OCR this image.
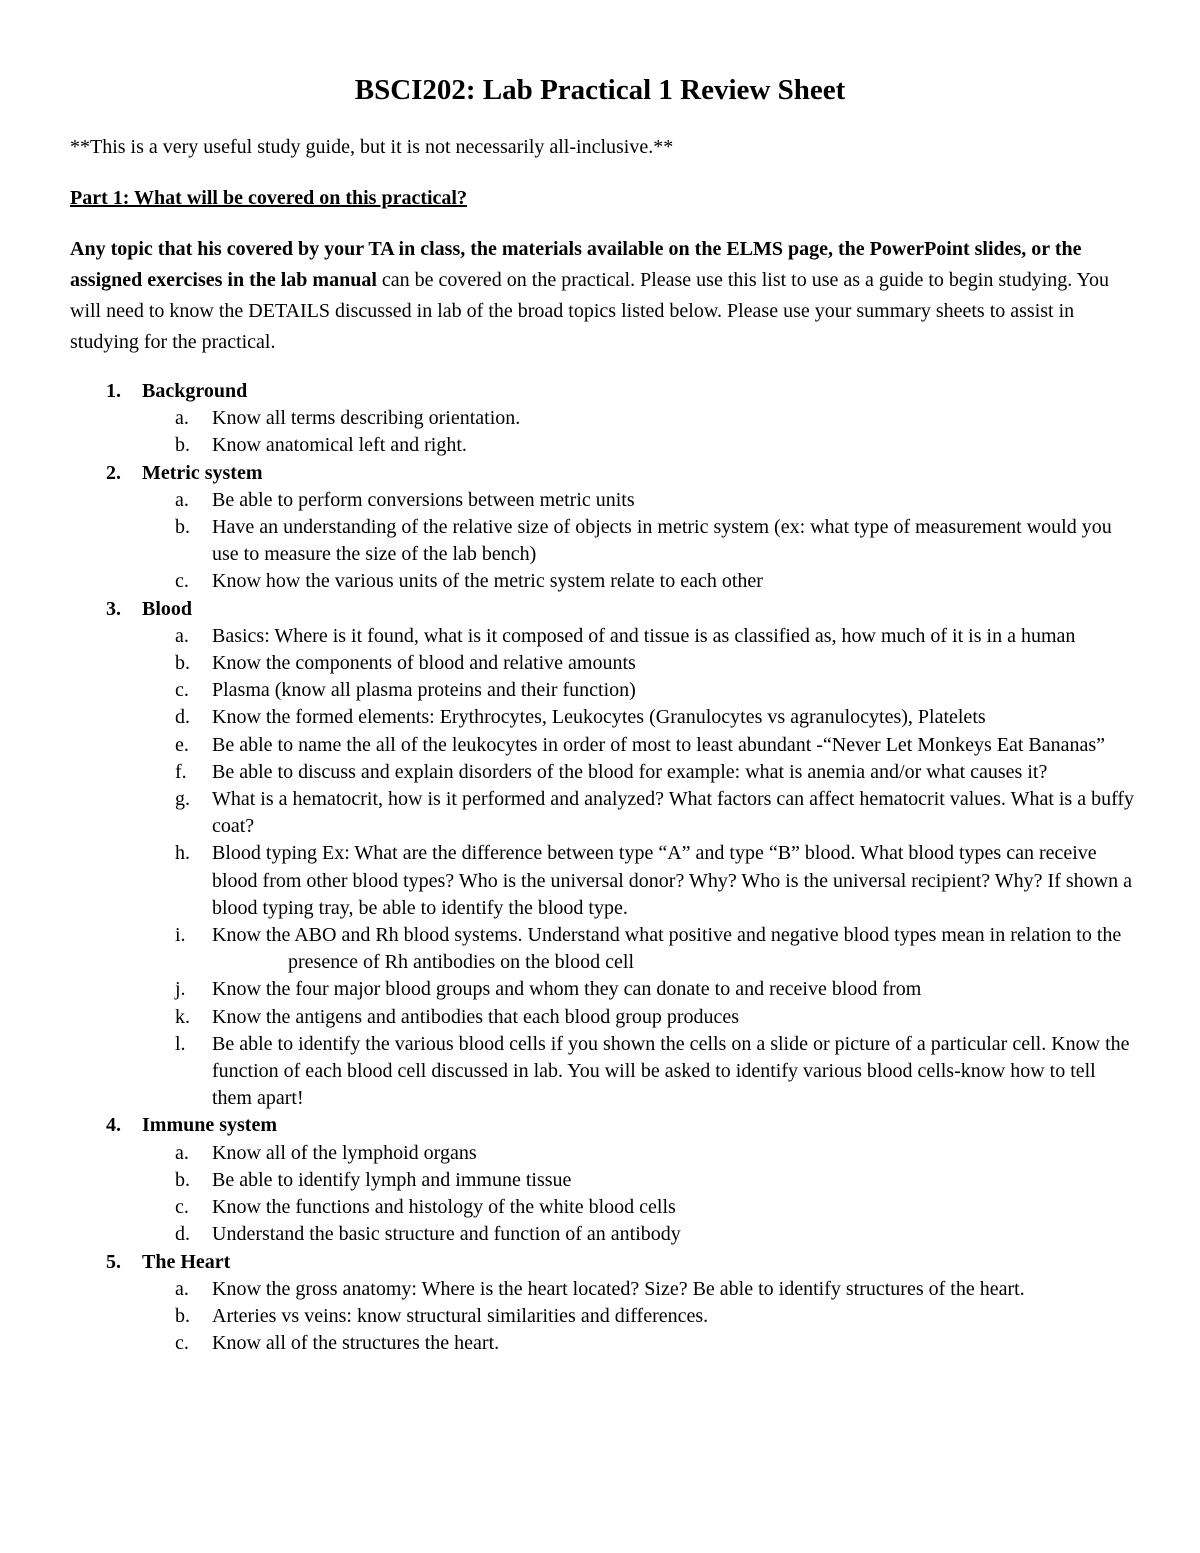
BSCI202: Lab Practical 1 Review Sheet

**This is a very useful study guide, but it is not necessarily all-inclusive.**

Part 1: What will be covered on this practical?

Any topic that his covered by your TA in class, the materials available on the ELMS page, the PowerPoint slides, or the assigned exercises in the lab manual can be covered on the practical. Please use this list to use as a guide to begin studying. You will need to know the DETAILS discussed in lab of the broad topics listed below. Please use your summary sheets to assist in studying for the practical.

1.	Background
a.	Know all terms describing orientation.
b.	Know anatomical left and right.
2.	Metric system
a.	Be able to perform conversions between metric units
b.	Have an understanding of the relative size of objects in metric system (ex: what type of measurement would you use to measure the size of the lab bench)
c.	Know how the various units of the metric system relate to each other
3.	Blood
a.	Basics: Where is it found, what is it composed of and tissue is as classified as, how much of it is in a human
b.	Know the components of blood and relative amounts
c.	Plasma (know all plasma proteins and their function)
d.	Know the formed elements: Erythrocytes, Leukocytes (Granulocytes vs agranulocytes), Platelets
e.	Be able to name the all of the leukocytes in order of most to least abundant -“Never Let Monkeys Eat Bananas”
f.	Be able to discuss and explain disorders of the blood for example: what is anemia and/or what causes it?
g.	What is a hematocrit, how is it performed and analyzed? What factors can affect hematocrit values. What is a buffy coat?
h.	Blood typing Ex: What are the difference between type “A” and type “B” blood. What blood types can receive blood from other blood types? Who is the universal donor? Why? Who is the universal recipient? Why? If shown a blood typing tray, be able to identify the blood type.
i.	Know the ABO and Rh blood systems. Understand what positive and negative blood types mean in relation to thepresence of Rh antibodies on the blood cell
j.	Know the four major blood groups and whom they can donate to and receive blood from
k.	Know the antigens and antibodies that each blood group produces
l.	Be able to identify the various blood cells if you shown the cells on a slide or picture of a particular cell. Know the function of each blood cell discussed in lab. You will be asked to identify various blood cells-know how to tell them apart!
4.	Immune system
a.	Know all of the lymphoid organs
b.	Be able to identify lymph and immune tissue
c.	Know the functions and histology of the white blood cells
d.	Understand the basic structure and function of an antibody
5.	The Heart
a.	Know the gross anatomy: Where is the heart located? Size? Be able to identify structures of the heart.
b.	Arteries vs veins: know structural similarities and differences.
c.	Know all of the structures the heart.
